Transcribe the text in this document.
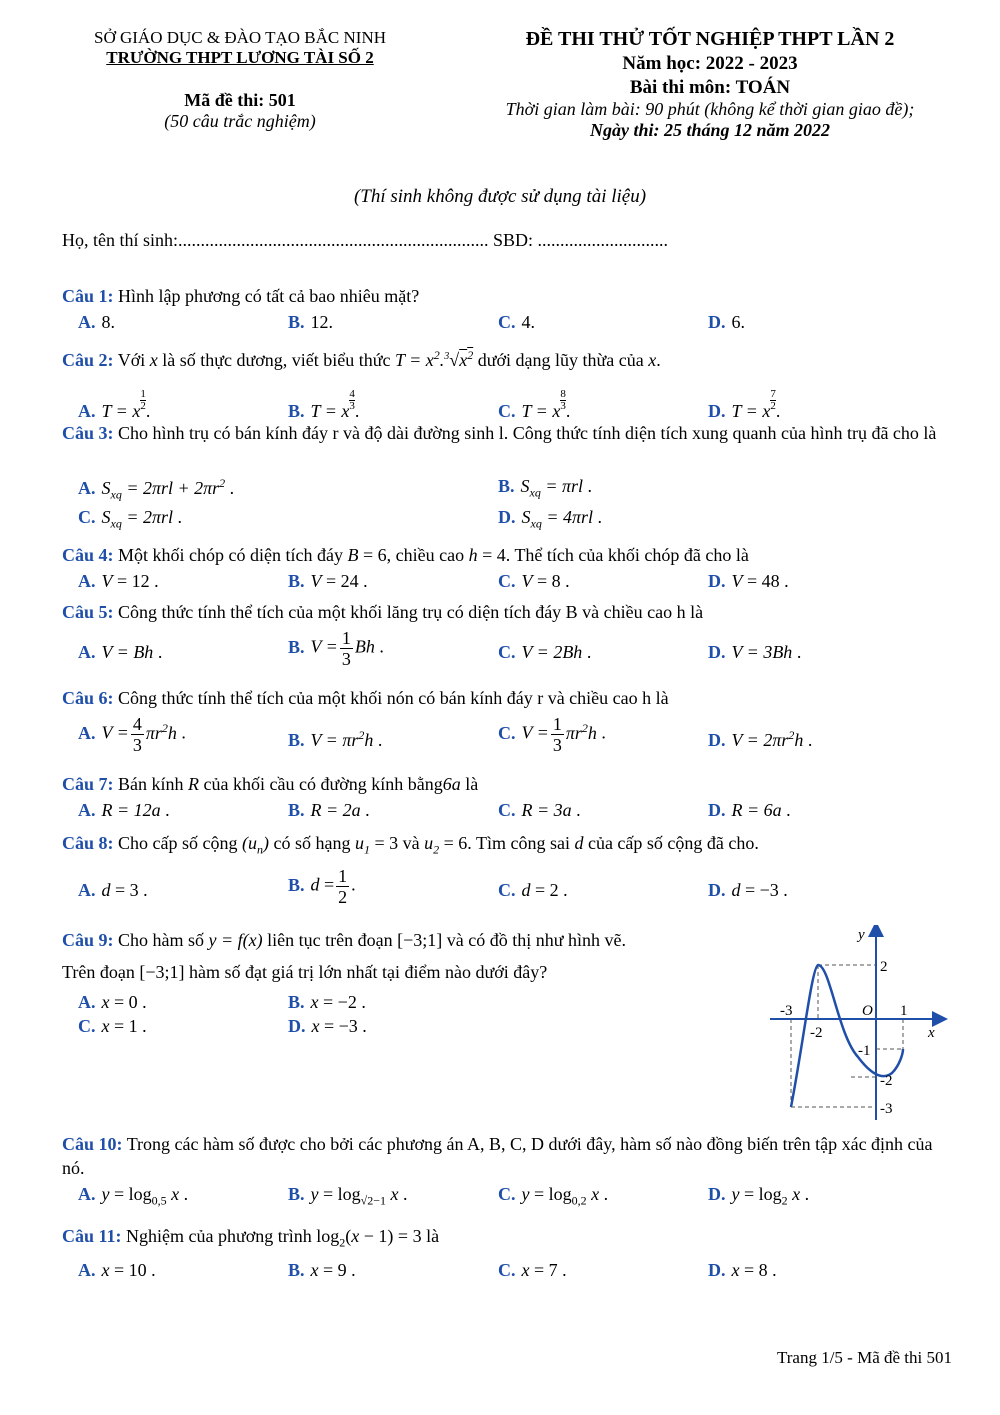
SỞ GIÁO DỤC & ĐÀO TẠO BẮC NINH
TRƯỜNG THPT LƯƠNG TÀI SỐ 2
Mã đề thi: 501
(50 câu trắc nghiệm)
ĐỀ THI THỬ TỐT NGHIỆP THPT LẦN 2
Năm học: 2022 - 2023
Bài thi môn: TOÁN
Thời gian làm bài: 90 phút (không kể thời gian giao đề);
Ngày thi: 25 tháng 12 năm 2022
(Thí sinh không được sử dụng tài liệu)
Họ, tên thí sinh:..................................................................... SBD: .............................
Câu 1: Hình lập phương có tất cả bao nhiêu mặt?
A. 8.	B. 12.	C. 4.	D. 6.
Câu 2: Với x là số thực dương, viết biểu thức $T = x^2.^3√x^2$ dưới dạng lũy thừa của x.
A. T = x $\frac{1}{2}$ .	B. T = x $\frac{4}{3}$ .	C. T = x $\frac{8}{3}$ .	D. T = x $\frac{7}{2}$ .
Câu 3: Cho hình trụ có bán kính đáy r và độ dài đường sinh l. Công thức tính diện tích xung quanh của hình trụ đã cho là
A. $S_{xq} = 2\pi rl + 2\pi r^2$ .	B. $S_{xq} = \pi rl$ .
C. $S_{xq} = 2\pi rl$ .	D. $S_{xq} = 4\pi rl$ .
Câu 4: Một khối chóp có diện tích đáy B = 6, chiều cao h = 4. Thể tích của khối chóp đã cho là
A. V = 12 .	B. V = 24 .	C. V = 8 .	D. V = 48 .
Câu 5: Công thức tính thể tích của một khối lăng trụ có diện tích đáy B và chiều cao h là
A. V = Bh .	B. $V = \frac{1}{3}$ Bh .	C. V = 2Bh .	D. V = 3Bh .
Câu 6: Công thức tính thể tích của một khối nón có bán kính đáy r và chiều cao h là
A. $V = \frac{4}{3} \pi r^2h$ .	B. $V = \pi r^2h$ .	C. $V = \frac{1}{3} \pi r^2h$ .	D. $V = 2\pi r^2h$ .
Câu 7: Bán kính R của khối cầu có đường kính bằng6a là
A. R = 12a .	B. R = 2a .	C. R = 3a .	D. R = 6a .
Câu 8: Cho cấp số cộng $(u_n)$ có số hạng $u_1 = 3$ và $u_2 = 6$. Tìm công sai d của cấp số cộng đã cho.
A. d = 3 .	B. $d = \frac{1}{2}$ .	C. d = 2 .	D. d = −3 .
Câu 9: Cho hàm số y = f(x) liên tục trên đoạn [−3;1] và có đồ thị như hình vẽ.
Trên đoạn [−3;1] hàm số đạt giá trị lớn nhất tại điểm nào dưới đây?
A. x = 0 .	B. x = −2 .
C. x = 1 .	D. x = −3 .
y
x
O
2
-3	1
-2
-1
-2
-3
Câu 10: Trong các hàm số được cho bởi các phương án A, B, C, D dưới đây, hàm số nào đồng biến trên tập xác định của nó.
A. $y = \log_{0,5} x$ .	B. $y = \log_{√2-1} x$ .	C. $y = \log_{0,2} x$ .	D. $y = \log_2 x$ .
Câu 11: Nghiệm của phương trình $\log_2(x - 1) = 3$ là
A. x = 10 .	B. x = 9 .	C. x = 7 .	D. x = 8 .
Trang 1/5 - Mã đề thi 501
